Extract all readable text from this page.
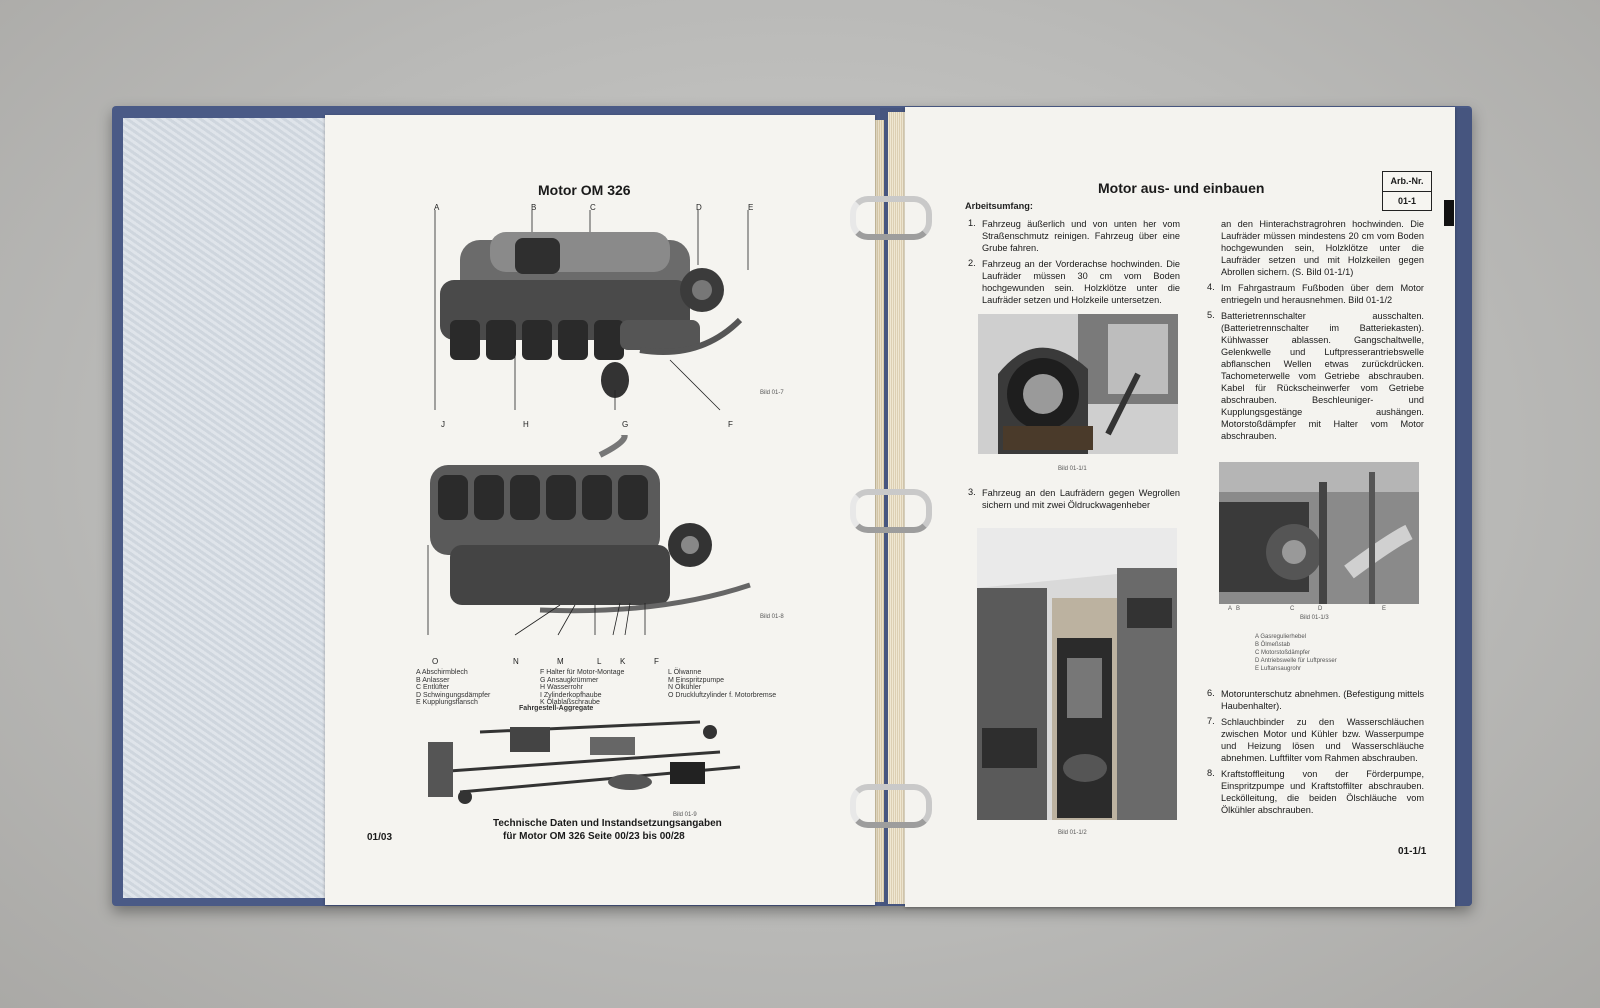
Motor OM 326
A	B	C	D	E
Bild 01-7
J	H	G	F
Bild 01-8
O	N	M	L K	F
A Abschirmblech
B Anlasser
C Entlüfter
D Schwingungsdämpfer
E Kupplungsflansch
F Halter für Motor-Montage
G Ansaugkrümmer
H Wasserrohr
I Zylinderkopfhaube
K Ölablaßschraube
L Ölwanne
M Einspritzpumpe
N Ölkühler
O Druckluftzylinder f. Motorbremse
Fahrgestell-Aggregate
Bild 01-9
Technische Daten und Instandsetzungsangaben
für Motor OM 326 Seite 00/23 bis 00/28
01/03
Motor aus- und einbauen	Arb.-Nr.
01-1
Arbeitsumfang:
1. Fahrzeug äußerlich und von unten her vom Straßenschmutz reinigen. Fahrzeug über eine Grube fahren.
2. Fahrzeug an der Vorderachse hochwinden. Die Laufräder müssen 30 cm vom Boden hochgewunden sein. Holzklötze unter die Laufräder setzen und Holzkeile untersetzen.
Bild 01-1/1
3. Fahrzeug an den Laufrädern gegen Wegrollen sichern und mit zwei Öldruckwagenheber
Bild 01-1/2
an den Hinterachstragrohren hochwinden. Die Laufräder müssen mindestens 20 cm vom Boden hochgewunden sein, Holzklötze unter die Laufräder setzen und mit Holzkeilen gegen Abrollen sichern. (S. Bild 01-1/1)
4. Im Fahrgastraum Fußboden über dem Motor entriegeln und herausnehmen. Bild 01-1/2
5. Batterietrennschalter ausschalten. (Batterietrennschalter im Batteriekasten). Kühlwasser ablassen. Gangschaltwelle, Gelenkwelle und Luftpresserantriebswelle abflanschen Wellen etwas zurückdrücken. Tachometerwelle vom Getriebe abschrauben. Kabel für Rückscheinwerfer vom Getriebe abschrauben. Beschleuniger- und Kupplungsgestänge aushängen. Motorstoßdämpfer mit Halter vom Motor abschrauben.
A B	C	D	E
Bild 01-1/3
A Gasregulierhebel
B Ölmeßstab
C Motorstoßdämpfer
D Antriebswelle für Luftpresser
E Luftansaugrohr
6. Motorunterschutz abnehmen. (Befestigung mittels Haubenhalter).
7. Schlauchbinder zu den Wasserschläuchen zwischen Motor und Kühler bzw. Wasserpumpe und Heizung lösen und Wasserschläuche abnehmen. Luftfilter vom Rahmen abschrauben.
8. Kraftstoffleitung von der Förderpumpe, Einspritzpumpe und Kraftstoffilter abschrauben. Leckölleitung, die beiden Ölschläuche vom Ölkühler abschrauben.
01-1/1
